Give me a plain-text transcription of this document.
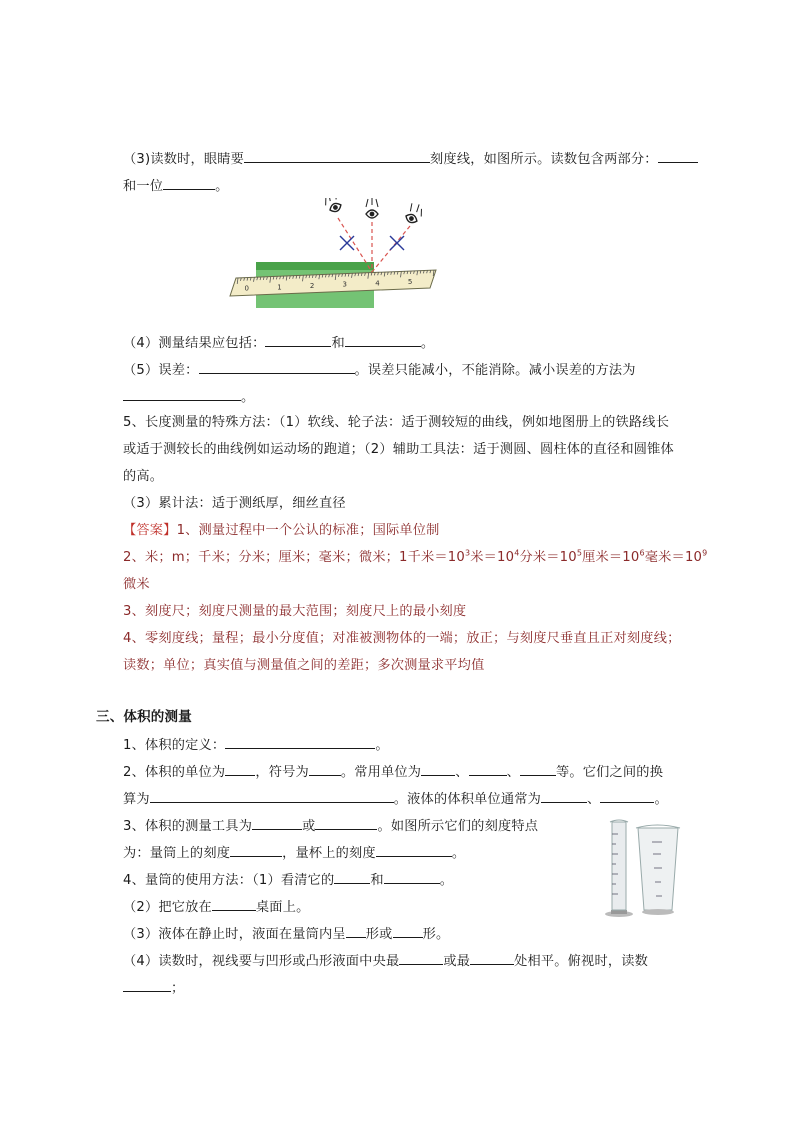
（3)读数时，眼睛要	刻度线，如图所示。读数包含两部分：
和一位	。
0	1	2	3	4	5
（4）测量结果应包括：	和	。
（5）误差：	。误差只能减小，不能消除。减小误差的方法为
。
5、长度测量的特殊方法：（1）软线、轮子法：适于测较短的曲线，例如地图册上的铁路线长
或适于测较长的曲线例如运动场的跑道；（2）辅助工具法：适于测圆、圆柱体的直径和圆锥体
的高。
（3）累计法：适于测纸厚，细丝直径
【答案】1、测量过程中一个公认的标准；国际单位制
2、米；m；千米；分米；厘米；毫米；微米；1千米$=10^3$米$=10^4$分米$=10^5$厘米$=10^6$毫米$=10^9$
微米
3、刻度尺；刻度尺测量的最大范围；刻度尺上的最小刻度
4、零刻度线；量程；最小分度值；对准被测物体的一端；放正；与刻度尺垂直且正对刻度线；
读数；单位；真实值与测量值之间的差距；多次测量求平均值
三、体积的测量
1、体积的定义：	。
2、体积的单位为 ，符号为 。常用单位为	、	、	等。它们之间的换
算为	。液体的体积单位通常为	、	。
3、体积的测量工具为	或	。如图所示它们的刻度特点
为：量筒上的刻度	，量杯上的刻度	。
4、量筒的使用方法：（1）看清它的	和	。
（2）把它放在	桌面上。
（3）液体在静止时，液面在量筒内呈 形或 形。
（4）读数时，视线要与凹形或凸形液面中央最	或最	处相平。俯视时，读数
；
